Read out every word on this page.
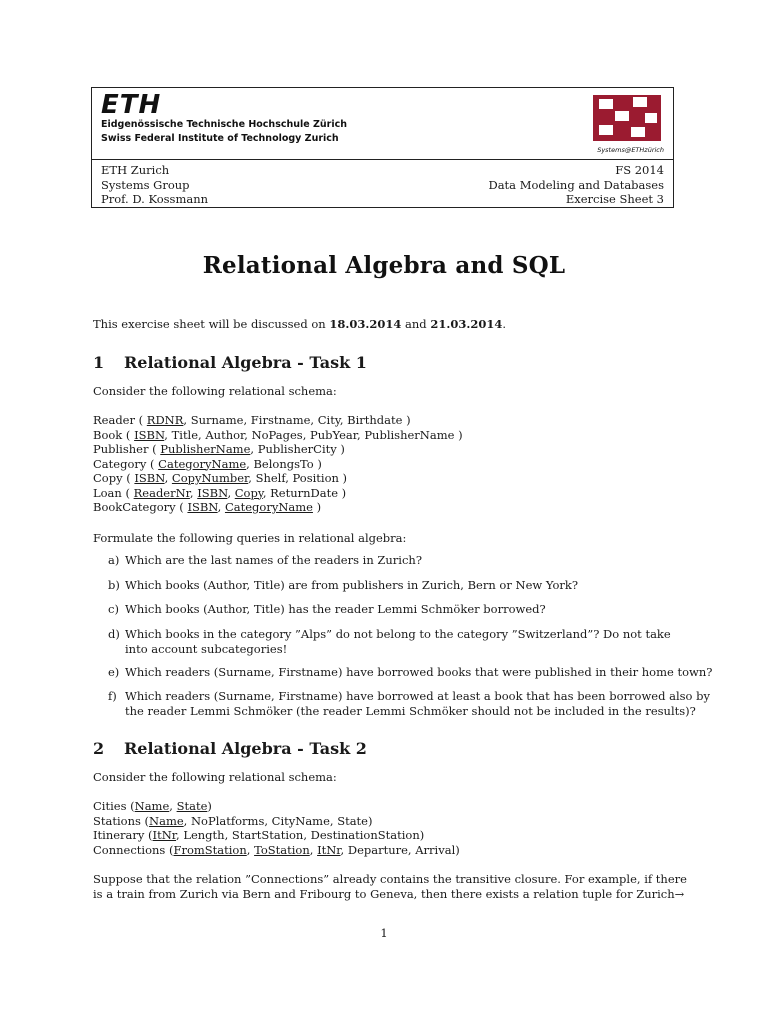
ETH
Eidgenössische Technische Hochschule Zürich
Swiss Federal Institute of Technology Zurich
Systems@ETHzürich
ETH Zurich
Systems Group
Prof. D. Kossmann
FS 2014
Data Modeling and Databases
Exercise Sheet 3
Relational Algebra and SQL
This exercise sheet will be discussed on 18.03.2014 and 21.03.2014.
1 Relational Algebra - Task 1
Consider the following relational schema:
Reader ( RDNR, Surname, Firstname, City, Birthdate )
Book ( ISBN, Title, Author, NoPages, PubYear, PublisherName )
Publisher ( PublisherName, PublisherCity )
Category ( CategoryName, BelongsTo )
Copy ( ISBN, CopyNumber, Shelf, Position )
Loan ( ReaderNr, ISBN, Copy, ReturnDate )
BookCategory ( ISBN, CategoryName )
Formulate the following queries in relational algebra:
a) Which are the last names of the readers in Zurich?
b) Which books (Author, Title) are from publishers in Zurich, Bern or New York?
c) Which books (Author, Title) has the reader Lemmi Schmöker borrowed?
d) Which books in the category ”Alps” do not belong to the category ”Switzerland”? Do not take
into account subcategories!
e) Which readers (Surname, Firstname) have borrowed books that were published in their home town?
f) Which readers (Surname, Firstname) have borrowed at least a book that has been borrowed also by
the reader Lemmi Schmöker (the reader Lemmi Schmöker should not be included in the results)?
2 Relational Algebra - Task 2
Consider the following relational schema:
Cities (Name, State)
Stations (Name, NoPlatforms, CityName, State)
Itinerary (ItNr, Length, StartStation, DestinationStation)
Connections (FromStation, ToStation, ItNr, Departure, Arrival)
Suppose that the relation ”Connections” already contains the transitive closure. For example, if there
is a train from Zurich via Bern and Fribourg to Geneva, then there exists a relation tuple for Zurich→
1
